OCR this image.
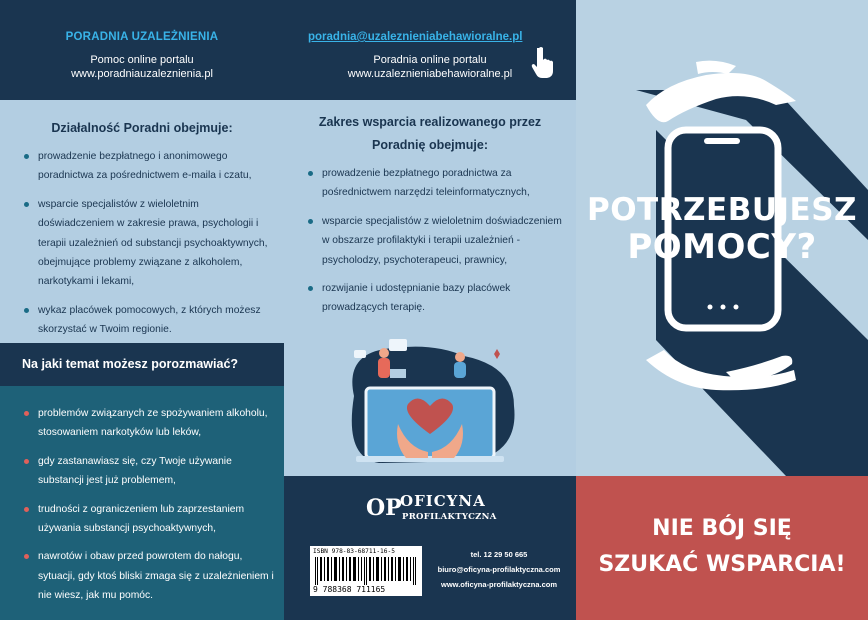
PORADNIA UZALEŻNIENIA
Pomoc online portalu
www.poradniauzaleznienia.pl
Działalność Poradni obejmuje:
prowadzenie bezpłatnego i anonimowego poradnictwa za pośrednictwem e-maila i czatu,
wsparcie specjalistów z wieloletnim doświadczeniem w zakresie prawa, psychologii i terapii uzależnień od substancji psychoaktywnych, obejmujące problemy związane z alkoholem, narkotykami i lekami,
wykaz placówek pomocowych, z których możesz skorzystać w Twoim regionie.
Na jaki temat możesz porozmawiać?
problemów związanych ze spożywaniem alkoholu, stosowaniem narkotyków lub leków,
gdy zastanawiasz się, czy Twoje używanie substancji jest już problemem,
trudności z ograniczeniem lub zaprzestaniem używania substancji psychoaktywnych,
nawrotów i obaw przed powrotem do nałogu, sytuacji, gdy ktoś bliski zmaga się z uzależnieniem i nie wiesz, jak mu pomóc.
poradnia@uzaleznieniabehawioralne.pl
Poradnia online portalu
www.uzaleznieniabehawioralne.pl
Zakres wsparcia realizowanego przez
Poradnię obejmuje:
prowadzenie bezpłatnego poradnictwa za pośrednictwem narzędzi teleinformatycznych,
wsparcie specjalistów z wieloletnim doświadczeniem w obszarze profilaktyki i terapii uzależnień - psycholodzy, psychoterapeuci, prawnicy,
rozwijanie i udostępnianie bazy placówek prowadzących terapię.
OP
OFICYNA
PROFILAKTYCZNA
ISBN 978-83-68711-16-5
9 788368 711165
tel. 12 29 50 665
biuro@oficyna-profilaktyczna.com
www.oficyna-profilaktyczna.com
POTRZEBUJESZ
POMOCY?
NIE BÓJ SIĘ
SZUKAĆ WSPARCIA!
